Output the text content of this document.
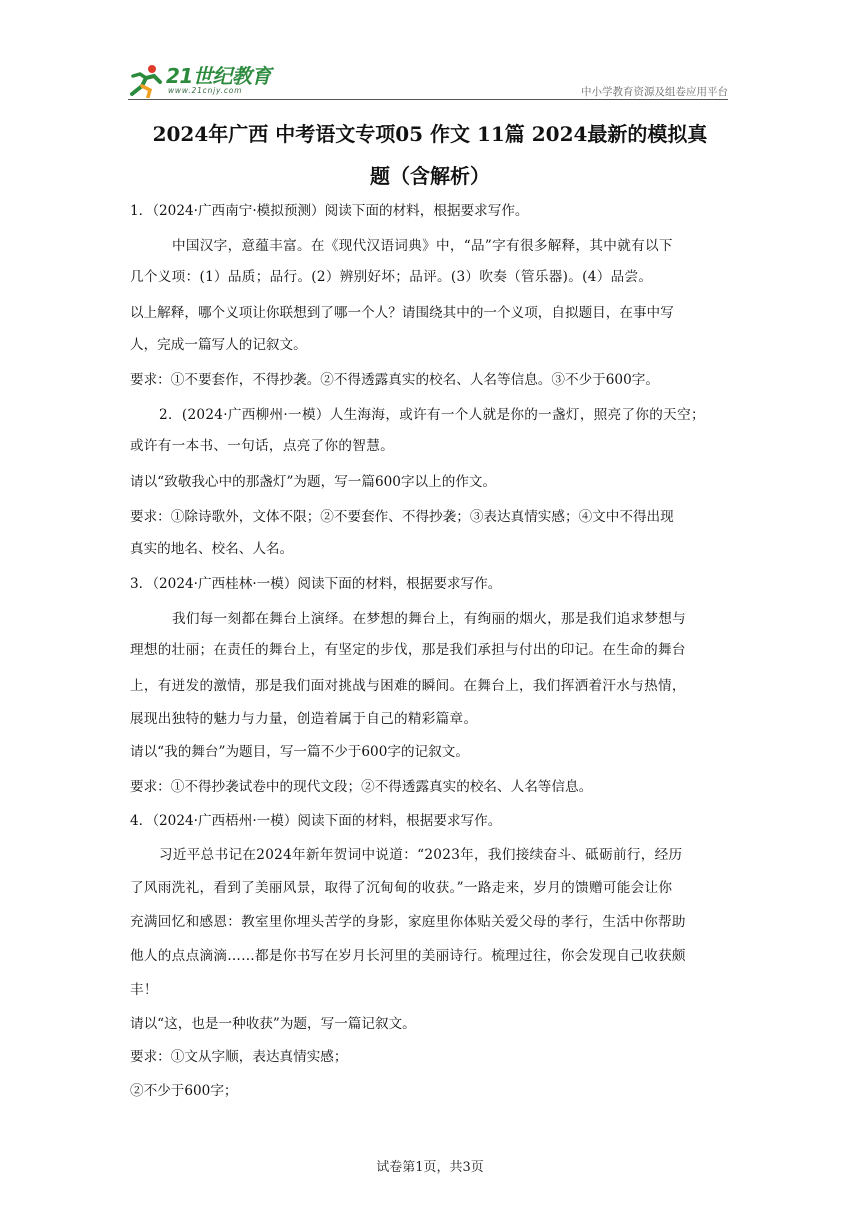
21世纪教育
www.21cnjy.com	中小学教育资源及组卷应用平台
2024年广西 中考语文专项05 作文 11篇 2024最新的模拟真
题（含解析）
1．（2024·广西南宁·模拟预测）阅读下面的材料，根据要求写作。
中国汉字，意蕴丰富。在《现代汉语词典》中，“品”字有很多解释，其中就有以下
几个义项：(1）品质；品行。(2）辨别好坏；品评。(3）吹奏（管乐器)。(4）品尝。
以上解释，哪个义项让你联想到了哪一个人？请围绕其中的一个义项，自拟题目，在事中写
人，完成一篇写人的记叙文。
要求：①不要套作，不得抄袭。②不得透露真实的校名、人名等信息。③不少于600字。
2．(2024·广西柳州·一模）人生海海，或许有一个人就是你的一盏灯，照亮了你的天空；
或许有一本书、一句话，点亮了你的智慧。
请以“致敬我心中的那盏灯”为题，写一篇600字以上的作文。
要求：①除诗歌外，文体不限；②不要套作、不得抄袭；③表达真情实感；④文中不得出现
真实的地名、校名、人名。
3．（2024·广西桂林·一模）阅读下面的材料，根据要求写作。
我们每一刻都在舞台上演绎。在梦想的舞台上，有绚丽的烟火，那是我们追求梦想与
理想的壮丽；在责任的舞台上，有坚定的步伐，那是我们承担与付出的印记。在生命的舞台
上，有迸发的激情，那是我们面对挑战与困难的瞬间。在舞台上，我们挥洒着汗水与热情，
展现出独特的魅力与力量，创造着属于自己的精彩篇章。
请以“我的舞台”为题目，写一篇不少于600字的记叙文。
要求：①不得抄袭试卷中的现代文段；②不得透露真实的校名、人名等信息。
4．（2024·广西梧州·一模）阅读下面的材料，根据要求写作。
习近平总书记在2024年新年贺词中说道：“2023年，我们接续奋斗、砥砺前行，经历
了风雨洗礼，看到了美丽风景，取得了沉甸甸的收获。”一路走来，岁月的馈赠可能会让你
充满回忆和感恩：教室里你埋头苦学的身影，家庭里你体贴关爱父母的孝行，生活中你帮助
他人的点点滴滴……都是你书写在岁月长河里的美丽诗行。梳理过往，你会发现自己收获颇
丰！
请以“这，也是一种收获”为题，写一篇记叙文。
要求：①文从字顺，表达真情实感；
②不少于600字；
试卷第1页，共3页
